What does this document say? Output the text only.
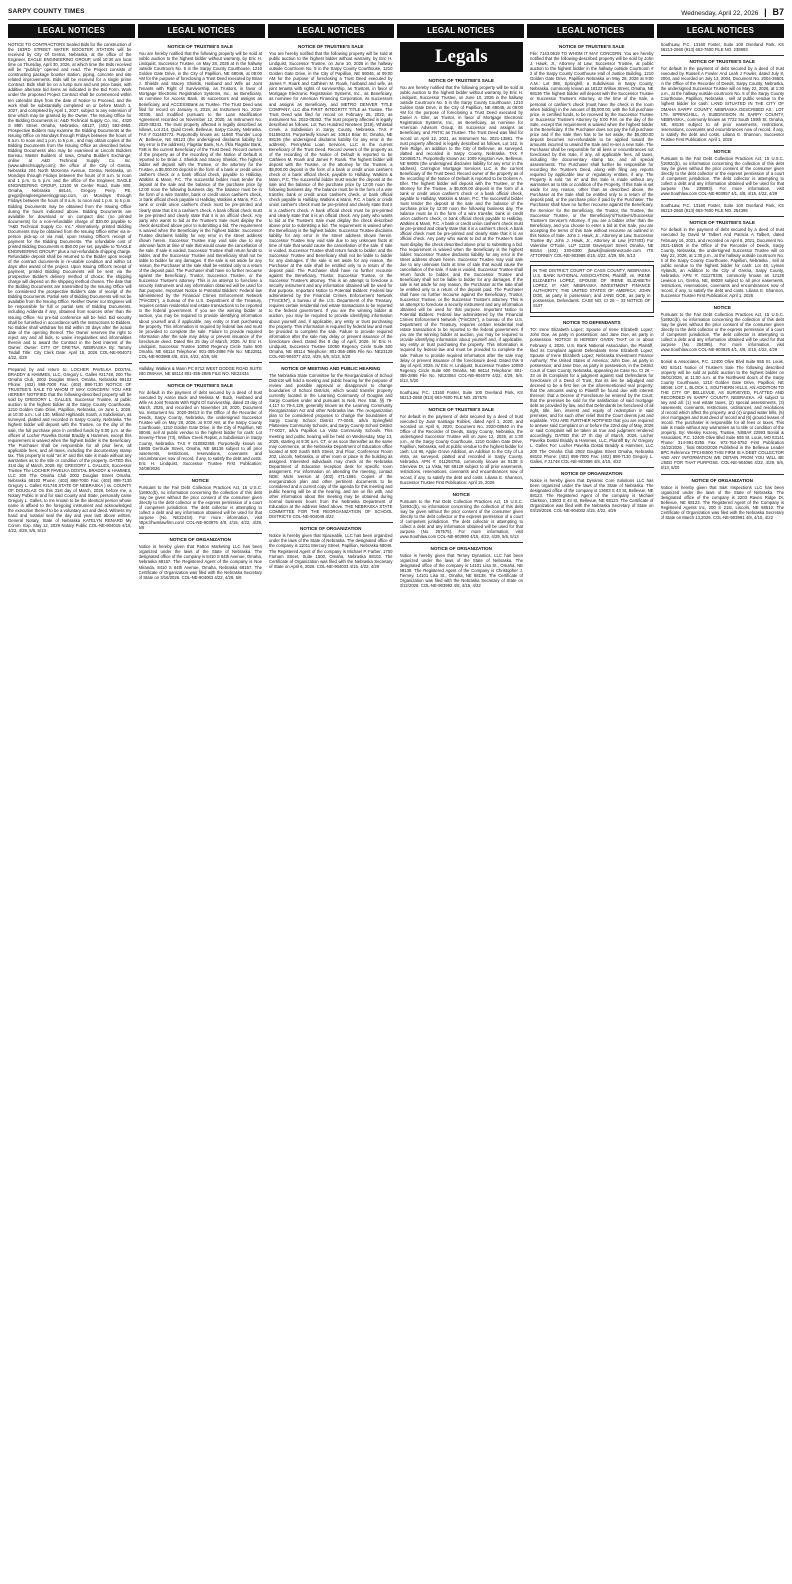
SARPY COUNTY TIMES	Wednesday, April 22, 2026 | B7
LEGAL NOTICES	LEGAL NOTICES	LEGAL NOTICES	LEGAL NOTICES	LEGAL NOTICES	LEGAL NOTICES
NOTICE TO CONTRACTORS Sealed Bids for the construction of the 183RD STREET WATER BOOSTER STATION will be received by City Of Gretna, Nebraska, at the office of the Engineer, EAGLE ENGINEERING GROUP, until 10:30 am local time on Thursday, April 30, 2026, at which time the Bids received will be "publicly" opened and read. The Project consists of constructing package booster station, piping, concrete and site related improvements. Bids will be received for a single prime Contract. Bids shall be on a lump sum and unit price basis, with additive alternate bid items as indicated in the Bid Form. Work under the proposed Project Contract shall be commenced within ten calendar days from the date of Notice to Proceed, and the work shall be substantially completed on or before March 1, 2027, and completed by April 1, 2027, subject to any extension of time which may be granted by the Owner. The Issuing Office for the Bidding Documents is: A&D Technical Supply Co. Inc., 4320 S 89th Street Omaha, Nebraska, 68127, (402) 592-4950. Prospective Bidders may examine the Bidding Documents at the Issuing Office on Mondays through Fridays between the hours of 8 a.m. to noon and 1 p.m. to 5 p.m., and may obtain copies of the Bidding Documents from the Issuing Office as described below. Bidding Documents also may be examined at Lincoln Builders Bureau, Master Builders of Iowa, Omaha Builders Exchange; online at A&D Technical Supply Co. Inc. (www.adtechsupply.com); the office of the City of Gretna, Nebraska 204 North McKenna Avenue, Gretna, Nebraska, on Mondays through Fridays between the hours of 8 a.m. to noon and 1 p.m. to 5 p.m. and the office of the Engineer, EAGLE ENGINEERING GROUP, 12100 W Center Road, Suite 800, Omaha, Nebraska 68144, Gregory Perry, PE, gregp@eagleengineeringgroup.com, on Mondays through Fridays between the hours of 8 a.m. to noon and 1 p.m. to 5 p.m. Bidding Documents may be obtained from the Issuing Office during the hours indicated above. Bidding Documents are available for download or on compact disc (no printed documents) for a non-refundable charge of $20.00 payable to "A&D Technical Supply Co. Inc." Alternatively, printed Bidding Documents may be obtained from the Issuing Office either via in-person pick-up or via mail, upon Issuing Office's receipt of payment for the Bidding Documents. The refundable cost of printed Bidding Documents is $50.00 per set, payable to "EAGLE ENGINEERING GROUP," plus a non-refundable shipping charge. Refundable deposit shall be returned to the Bidder upon receipt of the contract documents in re-usable condition and within 14 days after award of the project. Upon Issuing Office's receipt of payment, printed Bidding Documents will be sent via the prospective Bidder's delivery method of choice; the shipping charge will depend on the shipping method chosen. The date that the Bidding Documents are transmitted by the Issuing Office will be considered the prospective Bidder's date of receipt of the Bidding Documents. Partial sets of Bidding Documents will not be available from the Issuing Office. Neither Owner nor Engineer will be responsible for full or partial sets of Bidding Documents, including Addenda if any, obtained from sources other than the Issuing Office. No pre-bid conference will be held. Bid security shall be furnished in accordance with the Instructions to Bidders. No Bidder shall withdraw his Bid within 30 days after the actual date of the opening thereof. The Owner reserves the right to reject any and all bids, to waive irregularities and informalities therein and to award the Contract in the best interest of the Owner. Owner: CITY OF GRETNA, NEBRASKA By: Tammy Tisdall Title: City Clerk Date: April 15, 2026 COL-NE-904073 4/22, 4/29
Prepared by and return to: LOCHER PAVELKA DOSTAL BRADDY & HAMMES, LLC, Gregory L. Galles #21748, 200 The Omaha Club, 2002 Douglas Street, Omaha, Nebraska 68102 Phone: (402) 898-7000 Fax: (402) 898-7130 NOTICE OF TRUSTEE'S SALE TO WHOM IT MAY CONCERN: YOU ARE HEREBY NOTIFIED that the following-described property will be sold by GREGORY L. GALLES, Successor Trustee, at public auction to the highest bidder at the Sarpy County Courthouse, 1210 Golden Gate Drive, Papillion, Nebraska, on June 1, 2026, at 10:30 a.m.: Lot 130, Millard Highlands South, a Subdivision, as surveyed, platted and recorded in Sarpy County, Nebraska. The highest bidder will deposit with the Trustee, on the day of the sale, the full purchase price in certified funds by 5:00 p.m. at the offices of Locher Pavelka Dostal Braddy & Hammes, except this requirement is waived when the highest bidder is the Beneficiary. The Purchaser shall be responsible for all prior liens, all applicable fees, and all taxes, including the documentary stamp tax. This property is sold "as is" and this sale is made without any warranties as to the title or condition of the property. DATED this 31st day of March, 2026. By: GREGORY L. GALLES, Successor Trustee The LOCHER PAVELKA DOSTAL BRADDY & HAMMES, LLC 200 The Omaha Club 2002 Douglas Street Omaha, Nebraska 68102 Phone: (402) 898-7000 Fax: (402) 898-7130 Gregory L. Galles #21748 STATE OF NEBRASKA ) ss. COUNTY OF DOUGLAS On this 31st day of March, 2026, before me, a Notary Public in and for said County and State, personally came Gregory L. Galles, to me known to be the identical person whose name is affixed to the foregoing instrument and acknowledged the execution thereof to be a voluntary act and deed. Witness my hand and notarial seal the day and year last above written. General Notary, State of Nebraska KATELYN RENARD My Comm. Exp. May 12, 2029 Notary Public COL-NE-904015 4/15, 4/22, 4/29, 5/6, 5/13
NOTICE OF TRUSTEE'S SALE
You are hereby notified that the following property will be sold at public auction to the highest bidder without warranty, by Eric H. Lindquist, Successor Trustee, on May 28, 2026 at in the hallway outside Courtroom No. 5 in the Sarpy County Courthouse, 1210 Golden Gate Drive, in the City of Papillion, NE 68046, at 08:00 AM for the purpose of foreclosing a Trust Deed executed by Brian J. Shields and Stacey Shields, Husband and Wife as Joint Tenants with Right of Survivorship, as Trustors, in favor of Mortgage Electronic Registration Systems, Inc., as Beneficiary, as nominee for Access Bank, its successors and assigns as Beneficiary, and ACCESSBank as Trustee. The Trust Deed was filed for record on January 4, 2018, as Instrument No. 2018-00336, and modified pursuant to the Loan Modification Agreement recorded on November 12, 2020, as Instrument No. 2020-38243. The trust property affected is legally described as follows, Lot 214, Quail Creek, Bellevue, Sarpy County, Nebraska. TAX # 011483772. Purportedly known as: 11660 Thunder Loop W, Bellevue, NE 68123 (the undersigned disclaims liability for any error in the address). Flagstar Bank, N.A. f/k/a Flagstar Bank, FSB is the current Beneficiary of the Trust Deed. Record owners of the property as of the recording of the Notice of Default is reported to be Brian J. Shields and Stacey Shields. The highest bidder will deposit with the Trustee, or the attorney for the Trustee, a $5,000.00 deposit in the form of a bank or credit union cashier's check or a bank official check, payable to Halliday, Watkins & Mann, P.C. The successful bidder must tender the deposit at the sale and the balance of the purchase price by 12:00 noon the following business day. The balance must be in the form of a wire transfer, bank or credit union cashier's check, or bank official check payable to Halliday, Watkins & Mann, P.C. A bank or credit union cashier's check must be pre-printed and clearly state that it is a cashier's check. A bank official check must be pre-printed and clearly state that it is an official check. Any party who wants to bid at the Trustee's Sale must display the check described above prior to submitting a bid. The requirement is waived when the Beneficiary is the highest bidder. Successor Trustee disclaims liability for any error in the street address shown herein. Successor Trustee may void sale due to any unknown facts at time of sale that would cause the cancellation of the sale. If sale is voided, Successor Trustee shall return funds to bidder, and the Successor Trustee and Beneficiary shall not be liable to bidder for any damages. If the sale is set aside for any reason, the Purchaser at the sale shall be entitled only to a return of the deposit paid. The Purchaser shall have no further recourse against the Beneficiary, Trustor, Successor Trustee, or the Successor Trustee's attorney. This is an attempt to foreclose a security instrument and any information obtained will be used for that purpose. Important Notice to Potential Bidders: Federal law administered by the Financial Crimes Enforcement Network ("FinCEN"), a bureau of the U.S. Department of the Treasury, requires certain residential real estate transactions to be reported to the federal government. If you are the winning bidder at auction, you may be required to provide identifying information about yourself and, if applicable, any entity or trust purchasing the property. This information is required by federal law and must be provided to complete the sale. Failure to provide required information after the sale may delay or prevent issuance of the foreclosure deed. Dated this 25 day of March, 2026. /s/ Eric H. Lindquist, Successor Trustee 10050 Regency Circle Suite 500 Omaha, NE 68114 Telephone: 801-355-2886 File No: NE22811 COL-NE-903988 4/8, 4/15, 4/22, 4/29, 5/6
Halliday, Watkins & Mann PC 8712 WEST DODGE ROAD SUITE 260 OMAHA, NE 68114 801-355-2886 FILE NO. NE22434
NOTICE OF TRUSTEE'S SALE
For default in the payment of debt secured by a deed of trust executed by Aaron Buck and Melissa M. Buck, Husband and Wife As Joint Tenants With Right Of Survivorship, dated 23 day of March, 2026, and recorded on November 18, 2020, Document No. Instrument No. 2020-39413 in the Office of the Recorder of Deeds, Sarpy County, Nebraska, the undersigned Successor Trustee will on May 28, 2026, at 9:00 AM, at the Sarpy County Courthouse, 1210 Golden Gate Drive, in the City of Papillion, NE 68046, sell at public vendue to the highest bidder for cash: Lot Seventy-Three (73), Willow Creek Replat, a Subdivision in Sarpy County, Nebraska. TAX # 010882359. Purportedly known as 16805 Gertrude Street, Omaha, NE 68136 subject to all prior easements, restrictions, reservations, covenants and encumbrances now of record, if any, to satisfy the debt and costs. Eric H. Lindquist, Successor Trustee First Publication: 04/08/2026
NOTICE
Pursuant to the Fair Debt Collection Practices Act, 15 U.S.C. §1692c(b), no information concerning the collection of this debt may be given without the prior consent of the consumer given directly to the debt collector or the express permission of a court of competent jurisdiction. The debt collector is attempting to collect a debt and any information obtained will be used for that purpose (No. NE22434). For more information, visit https://hwmlawfirm.com/ COL-NE-903976 4/8, 4/15, 4/22, 4/29, 5/6
NOTICE OF ORGANIZATION
Notice is hereby given that Patton Marketing LLC has been organized under the laws of the State of Nebraska. The designated office of the company is 8410 S 64th Avenue, Omaha, Nebraska 68157. The Registered Agent of the company is Noe Miranda, 8410 S 64th Avenue, Omaha, Nebraska 68157. The Certificate of Organization was filed with the Nebraska Secretary of State on 3/16/2026. COL-NE-904063 4/22, 4/29, 5/6
NOTICE OF TRUSTEE'S SALE
You are hereby notified that the following property will be sold at public auction to the highest bidder without warranty, by Eric H. Lindquist, Successor Trustee, on June 10, 2026 in the hallway outside Courtroom No. 5 in the Sarpy County Courthouse, 1210 Golden Gate Drive, in the City of Papillion, NE 68046, at 09:00 AM for the purpose of foreclosing a Trust Deed executed by James F. Roark and Cathleen M. Roark, husband and wife, as joint tenants with rights of survivorship, as Trustors, in favor of Mortgage Electronic Registration Systems, Inc., as Beneficiary, as nominee for American Financing Corporation, its successors and assigns as Beneficiary, and METRO DENVER TITLE COMPANY, LLC dba FIRST INTEGRITY TITLE as Trustee. The Trust Deed was filed for record on February 25, 2022, as Instrument No. 2022-05362. The trust property affected is legally described as follows, Lot Two Hundred Nineteen (219), Whitetail Creek, a Subdivision in Sarpy County, Nebraska. TAX # 011594234. Purportedly known as: 10614 Briar St, Omaha, NE 68136 (the undersigned disclaims liability for any error in the address). PennyMac Loan Services, LLC is the current Beneficiary of the Trust Deed. Record owners of the property as of the recording of the Notice of Default is reported to be Cathleen M. Roark and James F. Roark. The highest bidder will deposit with the Trustee, or the attorney for the Trustee, a $5,000.00 deposit in the form of a bank or credit union cashier's check or a bank official check, payable to Halliday, Watkins & Mann, P.C. The successful bidder must tender the deposit at the sale and the balance of the purchase price by 12:00 noon the following business day. The balance must be in the form of a wire transfer, bank or credit union cashier's check, or bank official check payable to Halliday, Watkins & Mann, P.C. A bank or credit union cashier's check must be pre-printed and clearly state that it is a cashier's check. A bank official check must be pre-printed and clearly state that it is an official check. Any party who wants to bid at the Trustee's Sale must display the check described above prior to submitting a bid. The requirement is waived when the Beneficiary is the highest bidder. Successor Trustee disclaims liability for any error in the street address shown herein. Successor Trustee may void sale due to any unknown facts at time of sale that would cause the cancellation of the sale. If sale is voided, Successor Trustee shall return funds to bidder, and the Successor Trustee and Beneficiary shall not be liable to bidder for any damages. If the sale is set aside for any reason, the Purchaser at the sale shall be entitled only to a return of the deposit paid. The Purchaser shall have no further recourse against the Beneficiary, Trustor, Successor Trustee, or the Successor Trustee's attorney. This is an attempt to foreclose a security instrument and any information obtained will be used for that purpose. Important Notice to Potential Bidders: Federal law administered by the Financial Crimes Enforcement Network ("FinCEN"), a bureau of the U.S. Department of the Treasury, requires certain residential real estate transactions to be reported to the federal government. If you are the winning bidder at auction, you may be required to provide identifying information about yourself and, if applicable, any entity or trust purchasing the property. This information is required by federal law and must be provided to complete the sale. Failure to provide required information after the sale may delay or prevent issuance of the foreclosure deed. Dated this 8 day of April, 2026. /s/ Eric H. Lindquist, Successor Trustee 10050 Regency Circle Suite 500 Omaha, NE 68114 Telephone: 801-355-2886 File No. NE23129 COL-NE-904077 4/22, 4/29, 5/6, 5/13, 5/20
NOTICE OF MEETING AND PUBLIC HEARING
The Nebraska State Committee for the Reorganization of School Districts will hold a meeting and public hearing for the purpose of review and possible approval or disapproval to change boundaries of School Districts, which would transfer property currently located in the Learning Community of Douglas and Sarpy Counties under and pursuant to Neb. Rev. Stat. §§ 79-4,117 to 79-4,129, generally known as the Learning Community Reorganization Act and other Nebraska law. The reorganization plan to be considered proposes to change the boundaries of Sarpy County School District 77-0046, a/k/a Springfield Platteview Community Schools, and Sarpy County School District 77-0027, a/k/a Papillion La Vista Community Schools. This meeting and public hearing will be held on Wednesday, May 13, 2026, starting at 9:30 a.m. CT, or as soon thereafter as the same may commence, at the Nebraska Department of Education office located at 500 South 84th Street, 2nd Floor, Conference Room 202, Lincoln, Nebraska, or other room or place in the building as assigned. Interested individuals may check at the Nebraska Department of Education reception desk for specific room assignment. For information on attending the meeting, contact NDE: Micki Iverson at (402) 471-1594. Copies of the reorganization plan and other pertinent documents to be considered and a current copy of the agenda for this meeting and public hearing will be at the hearing, and are on file with, and other information about this meeting may be obtained during normal business hours from the Nebraska Department of Education at the address listed above. THE NEBRASKA STATE COMMITTEE FOR THE REORGANIZATION OF SCHOOL DISTRICTS COL-NE-904049 4/22
NOTICE OF ORGANIZATION
Notice is hereby given that Spaceable, LLC has been organized under the laws of the State of Nebraska. The designated office of the company is 11011 Mercury Street, Papillion, Nebraska 68046. The Registered Agent of the company is Michael P. Farber, 1700 Farnam Street, Suite 1500, Omaha, Nebraska 68102. The Certificate of Organization was filed with the Nebraska Secretary of State on April 6, 2026. COL-NE-904033 4/15, 4/22, 4/29
Legals
NOTICE OF TRUSTEE'S SALE
You are hereby notified that the following property will be sold at public auction to the highest bidder without warranty, by Eric H. Lindquist, Successor Trustee, on June 10, 2026 in the hallway outside Courtroom No. 5 in the Sarpy County Courthouse, 1210 Golden Gate Drive, in the City of Papillion, NE 68046, at 09:00 AM for the purpose of foreclosing a Trust Deed executed by Daniel A. Eller, as Trustor, in favor of Mortgage Electronic Registration Systems, Inc., as Beneficiary, as nominee for American Advisors Group, its successor and assigns as Beneficiary, and FNTIC as Trustee. The Trust Deed was filed for record on April 12, 2021, as Instrument No. 2021-13861. The trust property affected is legally described as follows, Lot 142, in Twin Ridge, an addition to the City of Bellevue, as surveyed, platted and recorded in Sarpy County, Nebraska. TAX # 010458171. Purportedly known as: 1009 Kingston Ave, Bellevue, NE 68005 (the undersigned disclaims liability for any error in the address). Carrington Mortgage Services LLC is the current Beneficiary of the Trust Deed. Record owner of the property as of the recording of the Notice of Default is reported to be Dolores A. Eller. The highest bidder will deposit with the Trustee, or the attorney for the Trustee, a $5,000.00 deposit in the form of a bank or credit union cashier's check or a bank official check, payable to Halliday, Watkins & Mann, P.C. The successful bidder must tender the deposit at the sale and the balance of the purchase price by 12:00 noon the following business day. The balance must be in the form of a wire transfer, bank or credit union cashier's check, or bank official check payable to Halliday, Watkins & Mann, P.C. A bank or credit union cashier's check must be pre-printed and clearly state that it is a cashier's check. A bank official check must be pre-printed and clearly state that it is an official check. Any party who wants to bid at the Trustee's Sale must display the check described above prior to submitting a bid. The requirement is waived when the Beneficiary is the highest bidder. Successor Trustee disclaims liability for any error in the street address shown herein. Successor Trustee may void sale due to any unknown facts at time of sale that would cause the cancellation of the sale. If sale is voided, Successor Trustee shall return funds to bidder, and the Successor Trustee and Beneficiary shall not be liable to bidder for any damages. If the sale is set aside for any reason, the Purchaser at the sale shall be entitled only to a return of the deposit paid. The Purchaser shall have no further recourse against the Beneficiary, Trustor, Successor Trustee, or the Successor Trustee's attorney. This is an attempt to foreclose a security instrument and any information obtained will be used for that purpose. Important Notice to Potential Bidders: Federal law administered by the Financial Crimes Enforcement Network ("FinCEN"), a bureau of the U.S. Department of the Treasury, requires certain residential real estate transactions to be reported to the federal government. If you are the winning bidder at auction, you may be required to provide identifying information about yourself and, if applicable, any entity or trust purchasing the property. This information is required by federal law and must be provided to complete the sale. Failure to provide required information after the sale may delay or prevent issuance of the foreclosure deed. Dated this 9 day of April, 2026. /s/ Eric H. Lindquist, Successor Trustee 10050 Regency Circle Suite 500 Omaha, NE 68114 Telephone: 801-355-2886 File No. NE23064 COL-NE-904079 4/22, 4/29, 5/6, 5/13, 5/20
SouthLaw, P.C. 13160 Foster, Suite 100 Overland Park, KS 66213-2660 (913) 663-7600 FILE NO. 257575
NOTICE OF TRUSTEE'S SALE
For default in the payment of debt secured by a deed of trust executed by Juan Santiago Robles, dated April 1, 2020, and recorded on April 6, 2020, Document No. 2020-08540 in the Office of the Recorder of Deeds, Sarpy County, Nebraska, the undersigned Successor Trustee will on June 12, 2026, at 1:30 p.m., at the Sarpy County Courthouse, 1210 Golden Gate Drive, Papillion, Nebraska, sell at public vendue to the highest bidder for cash: Lot 96, Apple Grove Addition, an Addition to the City of La Vista, as surveyed, platted and recorded in Sarpy County, Nebraska. APN #: 011294755, commonly known as 9138 S Glenview Dr, La Vista, NE 68128 subject to all prior easements, restrictions, reservations, covenants and encumbrances now of record, if any, to satisfy the debt and costs. Liliana E. Shannon, Successor Trustee First Publication: April 15, 2026
NOTICE
Pursuant to the Fair Debt Collection Practices Act, 15 U.S.C. §1692c(b), no information concerning the collection of this debt may be given without the prior consent of the consumer given directly to the debt collector or the express permission of a court of competent jurisdiction. The debt collector is attempting to collect a debt and any information obtained will be used for that purpose (No. 257575). For more information, visit www.Southlaw.com COL-NE-903990 4/15, 4/22, 4/29, 5/6, 5/13
NOTICE OF ORGANIZATION
Notice is hereby given that Terney Dynamics, LLC has been organized under the laws of the State of Nebraska. The designated office of the company is 14101 Lisa St., Omaha, NE 68138. The Registered Agent of the Company is Christopher J. Tierney, 14101 Lisa St., Omaha, NE 68138. The Certificate of Organization was filed with the Nebraska Secretary of State on 3/12/2026. COL-NE-903992 4/8, 4/15, 4/22
NOTICE OF TRUSTEE'S SALE
File: 7143.0619 TO WHOM IT MAY CONCERN: You are hereby notified that the following-described property will be sold by John J. Hawk, Jr., Attorney at Law, Successor Trustee, at public auction to the highest bidder in the hallway outside Courtroom # 2 of the Sarpy County Courthouse Hall of Justice Building, 1210 Golden Gate Drive, Papillion Nebraska on May 28, 2026 at 9:00 A.M.: Lot 386, Springhill, a Subdivision in Sarpy County, Nebraska. commonly known as 18122 Willow Street, Omaha, NE 68136 The highest bidder will deposit with the Successor Trustee or Successor Trustee's Attorney, at the time of the Sale, a personal or cashier's check (must have the check in the room when bidding) in the amount of $5,000.00, with the full purchase price, in certified funds, to be received by the Successor Trustee or Successor Trustee's Attorney by 5:00 P.M. on the day of the Sale, except this requirement is waived when the highest bidder is the Beneficiary. If the Purchaser does not pay the full purchase price and if the Sale then has to be set aside, the $5,000.00 deposit becomes non-refundable to be applied toward the amounts incurred to unwind the Sale and re-set a new Sale. The Purchaser shall be responsible for all liens or encumbrances not foreclosed by this Sale, if any, all applicable fees, all taxes, including the documentary stamp tax, and all special assessments. The Purchaser shall further be responsible for recording the Trustee's Deed, along with filing any reports required by applicable law or regulatory entities, if any. The Property is sold "as is" and this Sale is made without any warranties as to title or condition of the Property. If this Sale is set aside for any reason, other than as described above, the Purchaser at the Sale shall be entitled only to a return of the deposit paid, or the purchase price if paid by the Purchaser. The Purchaser shall have no further recourse against the Beneficiary, the Servicer for the Beneficiary, the Trustor, the Trustee, the Successor Trustee, or the Beneficiary's/Trustee's/Successor Trustee's Servicer's Attorney. If you are a bidder other than the Beneficiary, and you choose to enter a bid at this Sale, you are accepting the terms of this Sale without recourse as outlined in this Notice of Sale. John J. Hawk, Jr., Attorney at Law, Successor Trustee By: John J. Hawk, Jr., Attorney at Law (#27403) For Valentine O'Toole, LLP 11240 Davenport Street Omaha, NE 68154 (402) 330-6300 jhawk@valentineotoole.com ITS ATTORNEY COL-NE-903986 4/15, 4/22, 4/29, 5/6, 5/13
IN THE DISTRICT COURT OF CASS COUNTY, NEBRASKA U.S. BANK NATIONAL ASSOCIATION, Plaintiff, vs. IRENE ELIZABETH LOPEZ; SPOUSE OF IRENE ELIZABETH LOPEZ, IF ANY; NEBRASKA INVESTMENT FINANCE AUTHORITY; THE UNITED STATES OF AMERICA; JOHN DOE, as party in possession; and JANE DOE, as party in possession, Defendants. CASE NO. CI 26 -- 33 NOTICE OF SUIT
NOTICE TO DEFENDANTS
TO: Irene Elizabeth Lopez; Spouse of Irene Elizabeth Lopez; John Doe, as party in possession; and Jane Doe, as party in possession. NOTICE IS HEREBY GIVEN THAT on or about February 4, 2026, U.S. Bank National Association, the Plaintiff, filed its Complaint against Defendants Irene Elizabeth Lopez; Spouse of Irene Elizabeth Lopez; Nebraska Investment Finance Authority; The United States of America; John Doe, as party in possession; and Jane Doe, as party in possession, in the District Court of Cass County, Nebraska, appearing as Case No. CI 26 -- 33 on its Complaint for a judgment against said Defendants for foreclosure of a Deed of Trust, that its lien be adjudged and decreed to be a first lien on the aforementioned real property; that the amounts owing to Plaintiff be found due with interest thereon; that a Decree of Foreclosure be entered by the Court; that the premises be sold for the satisfaction of said mortgage debt as provided by law, and that Defendants be foreclosed of all right, title, lien, interest and equity of redemption in said premises, and for such other relief that the Court deems just and equitable. YOU ARE FURTHER NOTIFIED that you are required to answer said Complaint on or before the 22nd day of May, 2026 or said Complaint will be taken as true and judgment rendered accordingly. DATED this 27 th day of March, 2026. Locher Pavelka Dostal Braddy & Hammes, LLC, Plaintiff By: /s/ Gregory L. Galles For: Locher Pavelka Dostal Braddy & Hammes, LLC 200 The Omaha Club 2002 Douglas Street Omaha, Nebraska 68102 Phone: (402) 898-7000 Fax: (402) 898-7130 Gregory L. Galles, # 21748 COL-NE-903996 4/8, 4/15, 4/22
NOTICE OF ORGANIZATION
Notice is hereby given that Dynamic Core Solutions LLC has been organized under the laws of the State of Nebraska. The designated office of the company is 13603 S 43 St, Bellevue, NE 68123. The Registered Agent of the company is Michael Clarkson, 13603 S 43 St, Bellevue, NE 68123. The Certificate of Organization was filed with the Nebraska Secretary of State on 03/19/2026. COL-NE-904032 4/15, 4/22, 4/29
SouthLaw, P.C. 13160 Foster, Suite 100 Overland Park, KS 66213-2660 (913) 663-7600 FILE NO. 238993
NOTICE OF TRUSTEE'S SALE
For default in the payment of debt secured by a deed of trust executed by Russell A Fowler And Leah J Fowler, dated July 8, 2004, and recorded on July 13, 2004, Document No. 2004-26501 in the Office of the Recorder of Deeds, Sarpy County, Nebraska, the undersigned Successor Trustee will on May 22, 2026, at 1:30 p.m., at the hallway outside courtroom No. 5 of the Sarpy County Courthouse, Papillion, Nebraska , sell at public vendue to the highest bidder for cash: LAND SITUATED IN THE CITY OF OMAHA SARPY COUNTY, NEBRASKA DESCRIBED AS:. LOT 179, SPRINGHILL, A SUBDIVISION IN SARPY COUNTY, NEBRASKA., commonly known as 7722 South 159th St, Omaha, NE, 68136 subject to all prior easements, restrictions, reservations, covenants and encumbrances now of record, if any, to satisfy the debt and costs. Liliana E. Shannon, Successor Trustee First Publication: April 1, 2026
NOTICE
Pursuant to the Fair Debt Collection Practices Act, 15 U.S.C. §1692c(b), no information concerning the collection of this debt may be given without the prior consent of the consumer given directly to the debt collector or the express permission of a court of competent jurisdiction. The debt collector is attempting to collect a debt and any information obtained will be used for that purpose (No. 238993). For more information, visit www.Southlaw.com COL-NE-903957 4/1, 4/8, 4/15, 4/22, 4/29
SouthLaw, P.C. 13160 Foster, Suite 100 Overland Park, KS 66213-2660 (913) 663-7600 FILE NO. 254395
NOTICE OF TRUSTEE'S SALE
For default in the payment of debt secured by a deed of trust executed by David M Talbert And Patricia A Talbert, dated February 16, 2021, and recorded on April 8, 2021, Document No. 2021-15505 in the Office of the Recorder of Deeds, Sarpy County, Nebraska, the undersigned Successor Trustee will on May 22, 2026, at 1:30 p.m., at the hallway outside courtroom No. 5 of the Sarpy County Courthouse, Papillion, Nebraska , sell at public vendue to the highest bidder for cash: Lot 48, Lyman Hylands, an Addition to the City of Gretna, Sarpy County, Nebraska. APN #: 011279336, commonly known as 12128 Lewison Ln, Gretna, NE, 68028 subject to all prior easements, restrictions, reservations, covenants and encumbrances now of record, if any, to satisfy the debt and costs. Liliana E. Shannon, Successor Trustee First Publication: April 1, 2026
NOTICE
Pursuant to the Fair Debt Collection Practices Act, 15 U.S.C. §1692c(b), no information concerning the collection of this debt may be given without the prior consent of the consumer given directly to the debt collector or the express permission of a court of competent jurisdiction. The debt collector is attempting to collect a debt and any information obtained will be used for that purpose (No. 254395). For more information, visit www.Southlaw.com COL-NE-903926 4/1, 4/8, 4/15, 4/22, 4/29
Bonial & Associates, P.C. 12400 Olive Blvd Suite 555 St. Louis, MO 63141 Notice of Trustee's Sale The following described property will be sold at public auction to the highest bidder on 06/01/2026, at 11:00 a.m. at the Northwest doors of the Sarpy County Courthouse, 1210 Golden Gate Drive, Papillion, NE 68046: LOT 1, BLOCK 1, SOUTHERN HILLS, AN ADDITION TO THE CITY OF BELLEVUE, AS SURVEYED, PLATTED AND RECORDED IN SARPY COUNTY, NEBRASKA. All subject to any and all: (1) real estate taxes, (2) special assessments, (3) easements, covenants, restrictions, ordinances, and resolutions of record which affect the property, and (4) unpaid water bills, (5) prior mortgages and trust deed of record and (6) ground leases of record. The purchaser is responsible for all fees or taxes. This sale is made without any warranties as to title or condition of the property. By: Wesley Kozeny, Trustee, NSBA# 22593 Bonial & Associates, P.C. 12400 Olive Blvd Suite 555 St. Louis, MO 63141 Phone: 314-991-0255 Fax: 972-764-5752 First Publication 04/22/2026 , final 05/20/2026 Published in the Bellevue Leader BPC Reference TPCHS000 THIS FIRM IS A DEBT COLLECTOR AND ANY INFORMATION WE OBTAIN FROM YOU WILL BE USED FOR THAT PURPOSE. COL-NE-904066 4/22, 4/29, 5/6, 5/13, 5/20
NOTICE OF ORGANIZATION
Notice is hereby given that S&K Inspections LLC has been organized under the laws of the State of Nebraska. The designated office of the company is 2203 Raven Ridge Dr, Bellevue, NE 68123. The Registered Agent of the Company is Registered Agents Inc, 200 S 21st, Lincoln, NE 68510. The Certificate of Organization was filed with the Nebraska Secretary of State on March 13,2026. COL-NE-903991 4/8, 4/15, 4/22
